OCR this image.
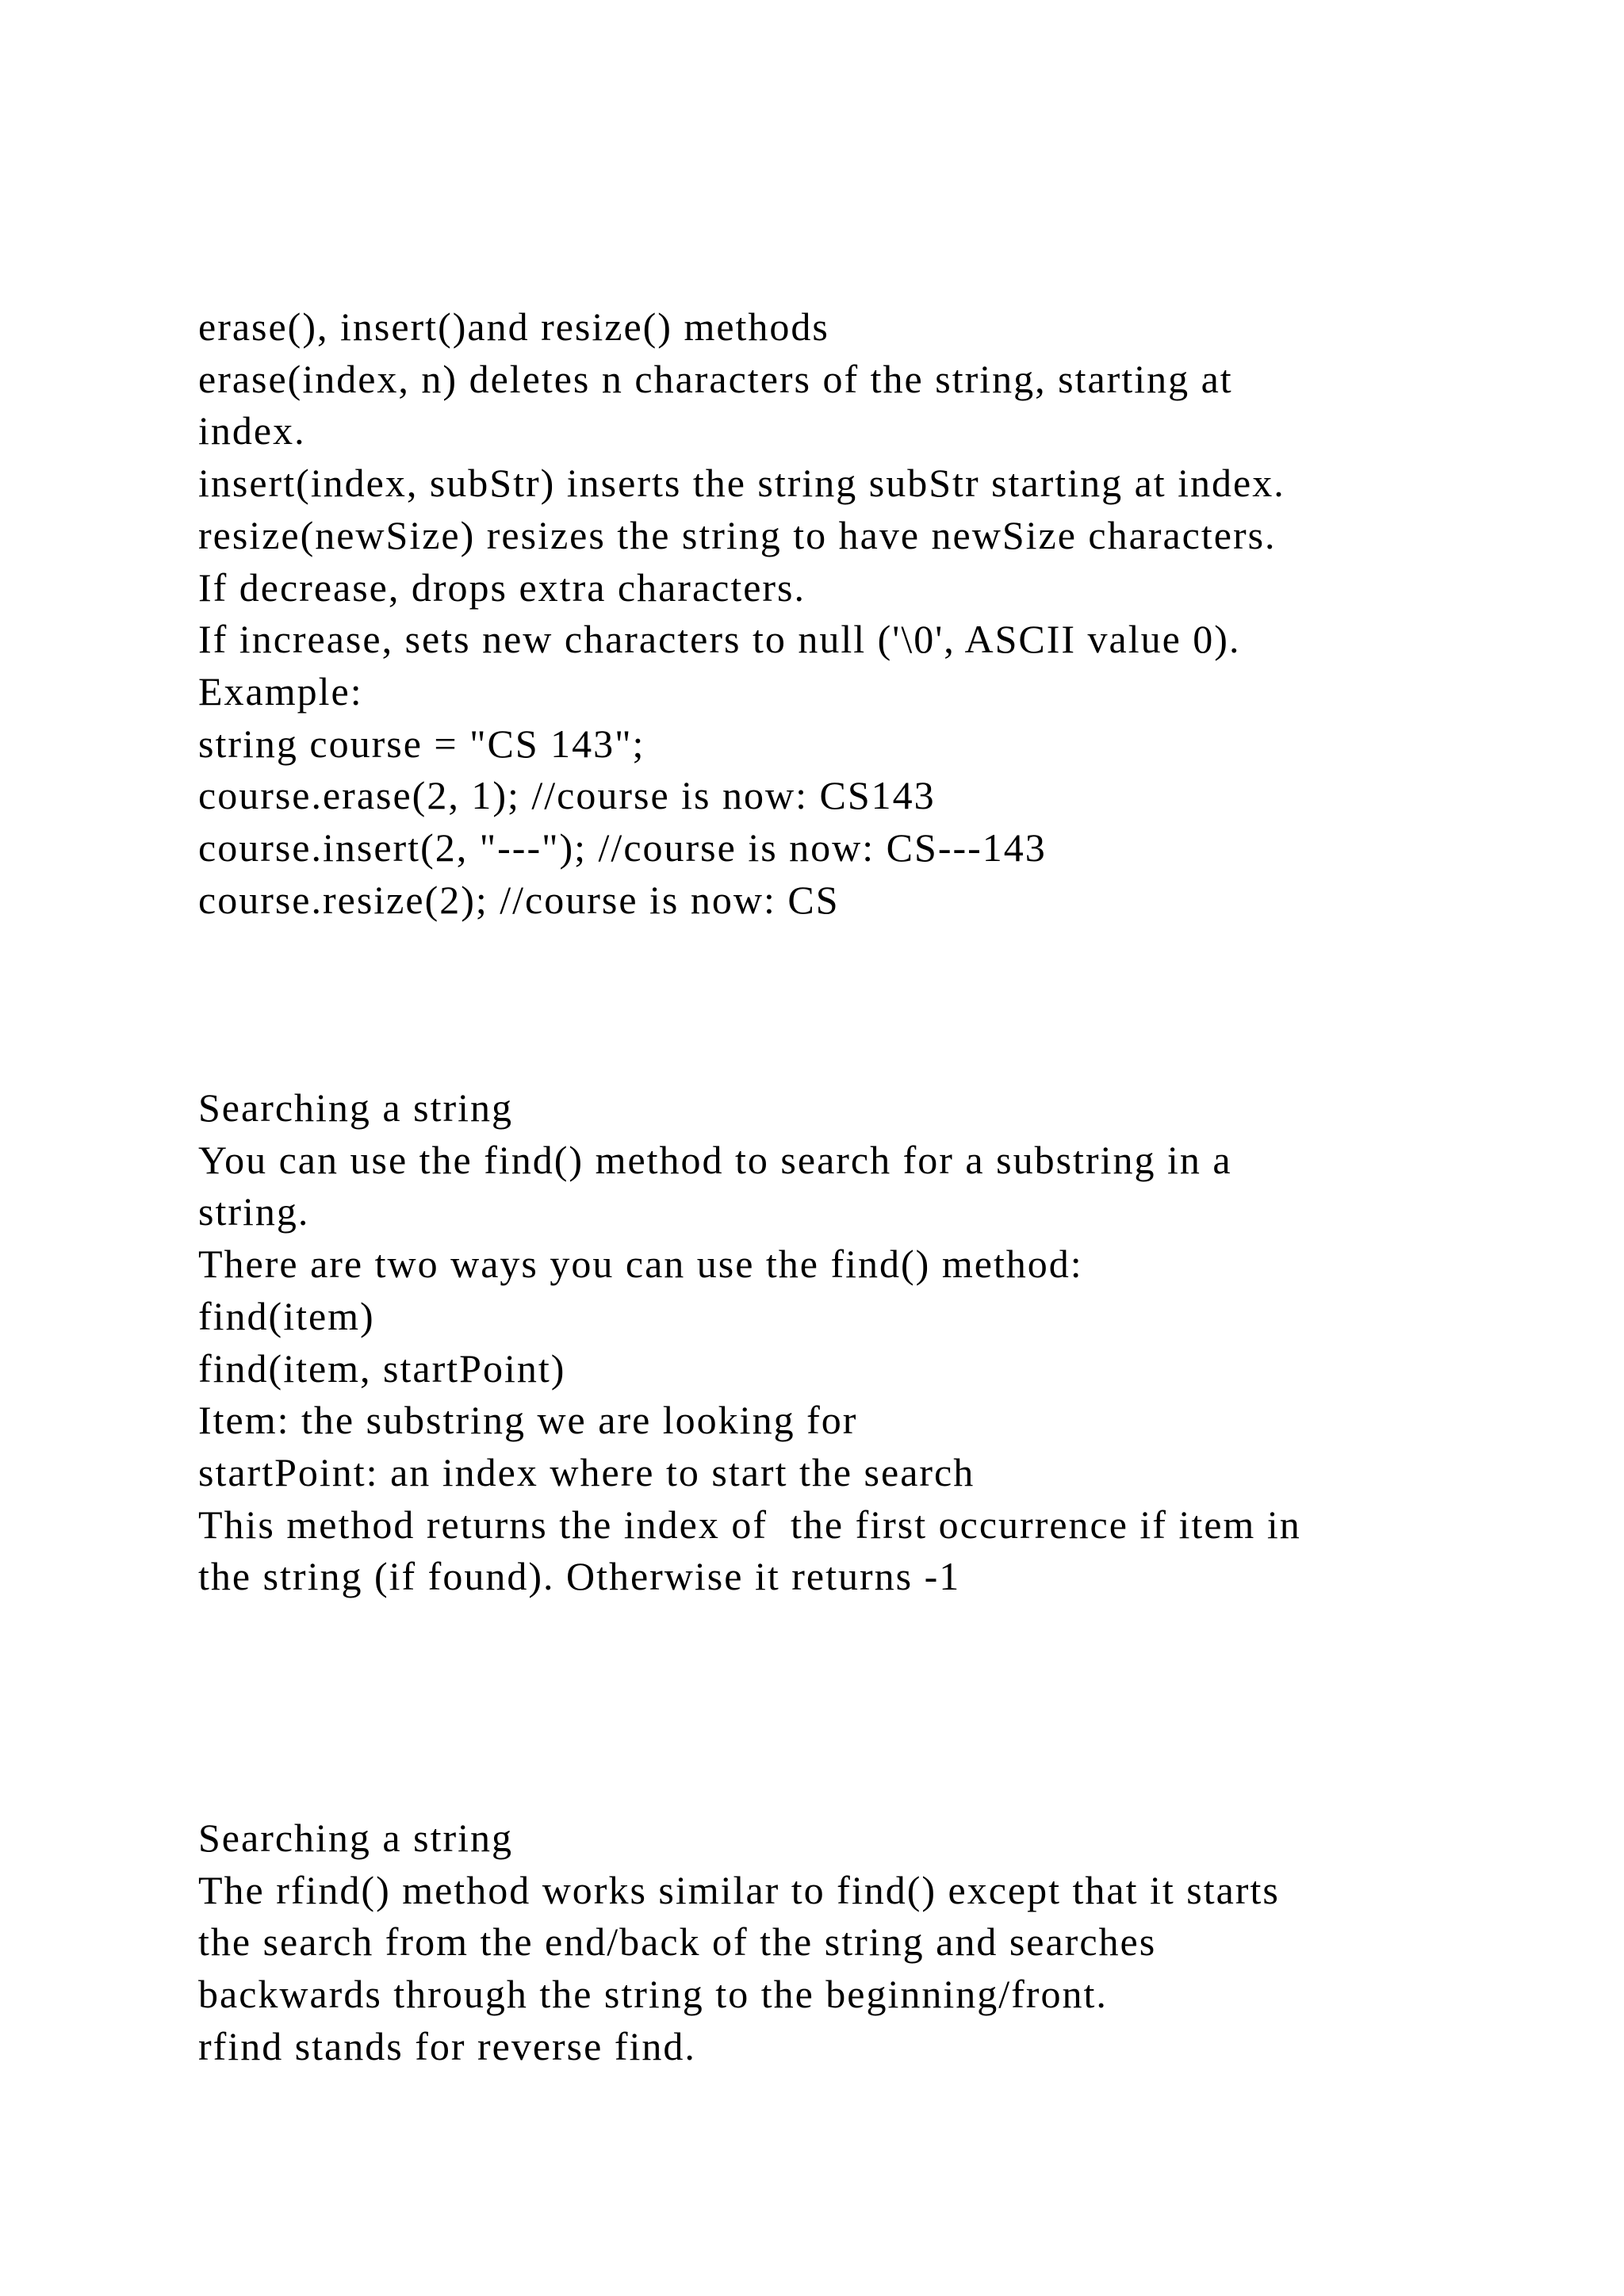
erase(), insert()and resize() methods
erase(index, n) deletes n characters of the string, starting at
index.
insert(index, subStr) inserts the string subStr starting at index.
resize(newSize) resizes the string to have newSize characters.
If decrease, drops extra characters.
If increase, sets new characters to null ('\0', ASCII value 0).
Example:
string course = "CS 143";
course.erase(2, 1); //course is now: CS143
course.insert(2, "---"); //course is now: CS---143
course.resize(2); //course is now: CS
Searching a string
You can use the find() method to search for a substring in a
string.
There are two ways you can use the find() method:
find(item)
find(item, startPoint)
Item: the substring we are looking for
startPoint: an index where to start the search
This method returns the index of  the first occurrence if item in
the string (if found). Otherwise it returns -1
Searching a string
The rfind() method works similar to find() except that it starts
the search from the end/back of the string and searches
backwards through the string to the beginning/front.
rfind stands for reverse find.
